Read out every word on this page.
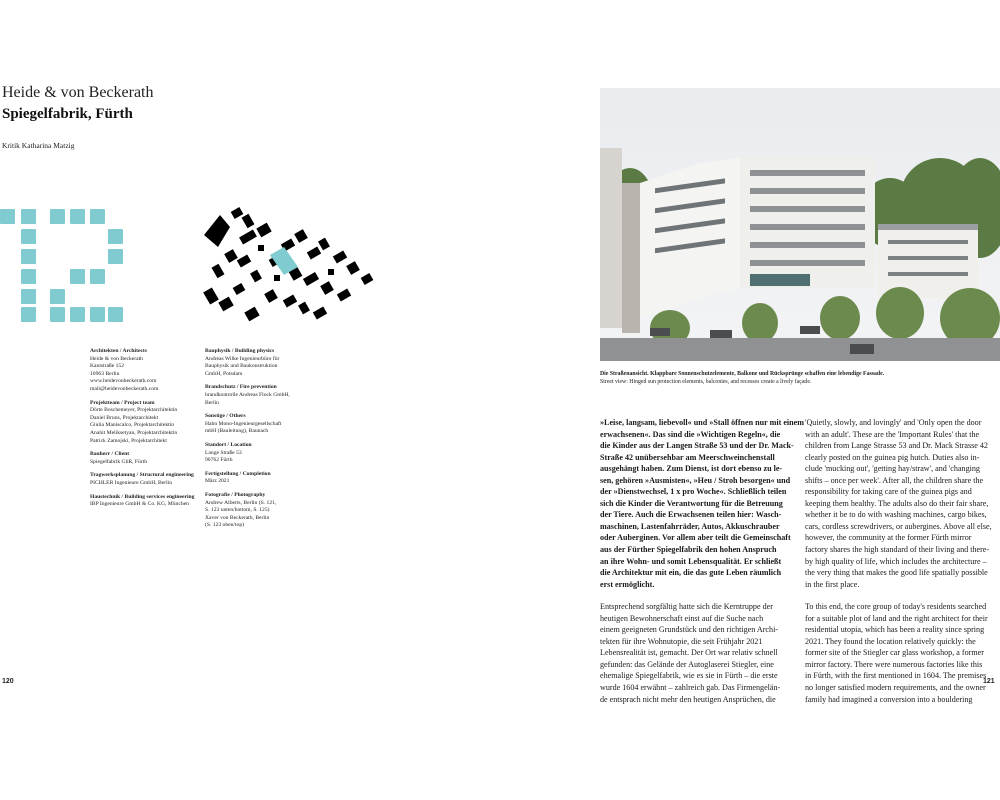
Heide & von Beckerath
Spiegelfabrik, Fürth
Kritik Katharina Matzig
Architekten / Architects
Heide & von Beckerath
Kantstraße 152
10963 Berlin
www.heidevonbeckerath.com
mail@heidevonbeckerath.com
Projektteam / Project team
Dörte Boschemeyer, Projektarchitektin
Daniel Bruns, Projektarchitekt
Giulia Maniscalco, Projektarchitektin
Anahit Meliksetyan, Projektarchitektin
Patrick Zamojski, Projektarchitekt
Bauherr / Client
Spiegelfabrik GbR, Fürth
Tragwerksplanung / Structural engineering
PICHLER Ingenieure GmbH, Berlin
Haustechnik / Building services engineering
IBP Ingenieure GmbH & Co. KG, München
Bauphysik / Building physics
Andreas Wilke Ingenieurbüro für
Bauphysik und Baukonstruktion
GmbH, Potsdam
Brandschutz / Fire prevention
brandkontrolle Andreas Flock GmbH,
Berlin
Sonstige / Others
Hahn Mono-Ingenieurgesellschaft
mbH (Bauleitung), Baunach
Standort / Location
Lange Straße 53
90762 Fürth
Fertigstellung / Completion
März 2021
Fotografie / Photography
Andrew Alberts, Berlin (S. 121,
S. 123 unten/bottom, S. 125)
Xaver von Beckerath, Berlin
(S. 123 oben/top)
120
Die Straßenansicht. Klappbare Sonnenschutzelemente, Balkone und Rücksprünge schaffen eine lebendige Fassade.
Street view: Hinged sun protection elements, balconies, and recesses create a lively façade.

»Leise, langsam, liebevoll« und »Stall öffnen nur mit einem
erwachsenen«. Das sind die »Wichtigen Regeln«, die
die Kinder aus der Langen Straße 53 und der Dr. Mack-
Straße 42 unübersehbar am Meerschweinchenstall
ausgehängt haben. Zum Dienst, ist dort ebenso zu le-
sen, gehören »Ausmisten«, »Heu / Stroh besorgen« und
der »Dienstwechsel, 1 x pro Woche«. Schließlich teilen
sich die Kinder die Verantwortung für die Betreuung
der Tiere. Auch die Erwachsenen teilen hier: Wasch-
maschinen, Lastenfahrräder, Autos, Akkuschrauber
oder Auberginen. Vor allem aber teilt die Gemeinschaft
aus der Fürther Spiegelfabrik den hohen Anspruch
an ihre Wohn- und somit Lebensqualität. Er schließt
die Architektur mit ein, die das gute Leben räumlich
erst ermöglicht.

Entsprechend sorgfältig hatte sich die Kerntruppe der
heutigen Bewohnerschaft einst auf die Suche nach
einem geeigneten Grundstück und den richtigen Archi-
tekten für ihre Wohnutopie, die seit Frühjahr 2021
Lebensrealität ist, gemacht. Der Ort war relativ schnell
gefunden: das Gelände der Autoglaserei Stiegler, eine
ehemalige Spiegelfabrik, wie es sie in Fürth – die erste
wurde 1604 erwähnt – zahlreich gab. Das Firmengelän-
de entsprach nicht mehr den heutigen Ansprüchen, die

'Quietly, slowly, and lovingly' and 'Only open the door
with an adult'. These are the 'Important Rules' that the
children from Lange Strasse 53 and Dr. Mack Strasse 42
clearly posted on the guinea pig hutch. Duties also in-
clude 'mucking out', 'getting hay/straw', and 'changing
shifts – once per week'. After all, the children share the
responsibility for taking care of the guinea pigs and
keeping them healthy. The adults also do their fair share,
whether it be to do with washing machines, cargo bikes,
cars, cordless screwdrivers, or aubergines. Above all else,
however, the community at the former Fürth mirror
factory shares the high standard of their living and there-
by high quality of life, which includes the architecture –
the very thing that makes the good life spatially possible
in the first place.

To this end, the core group of today's residents searched
for a suitable plot of land and the right architect for their
residential utopia, which has been a reality since spring
2021. They found the location relatively quickly: the
former site of the Stiegler car glass workshop, a former
mirror factory. There were numerous factories like this
in Fürth, with the first mentioned in 1604. The premises
no longer satisfied modern requirements, and the owner
family had imagined a conversion into a bouldering

121
